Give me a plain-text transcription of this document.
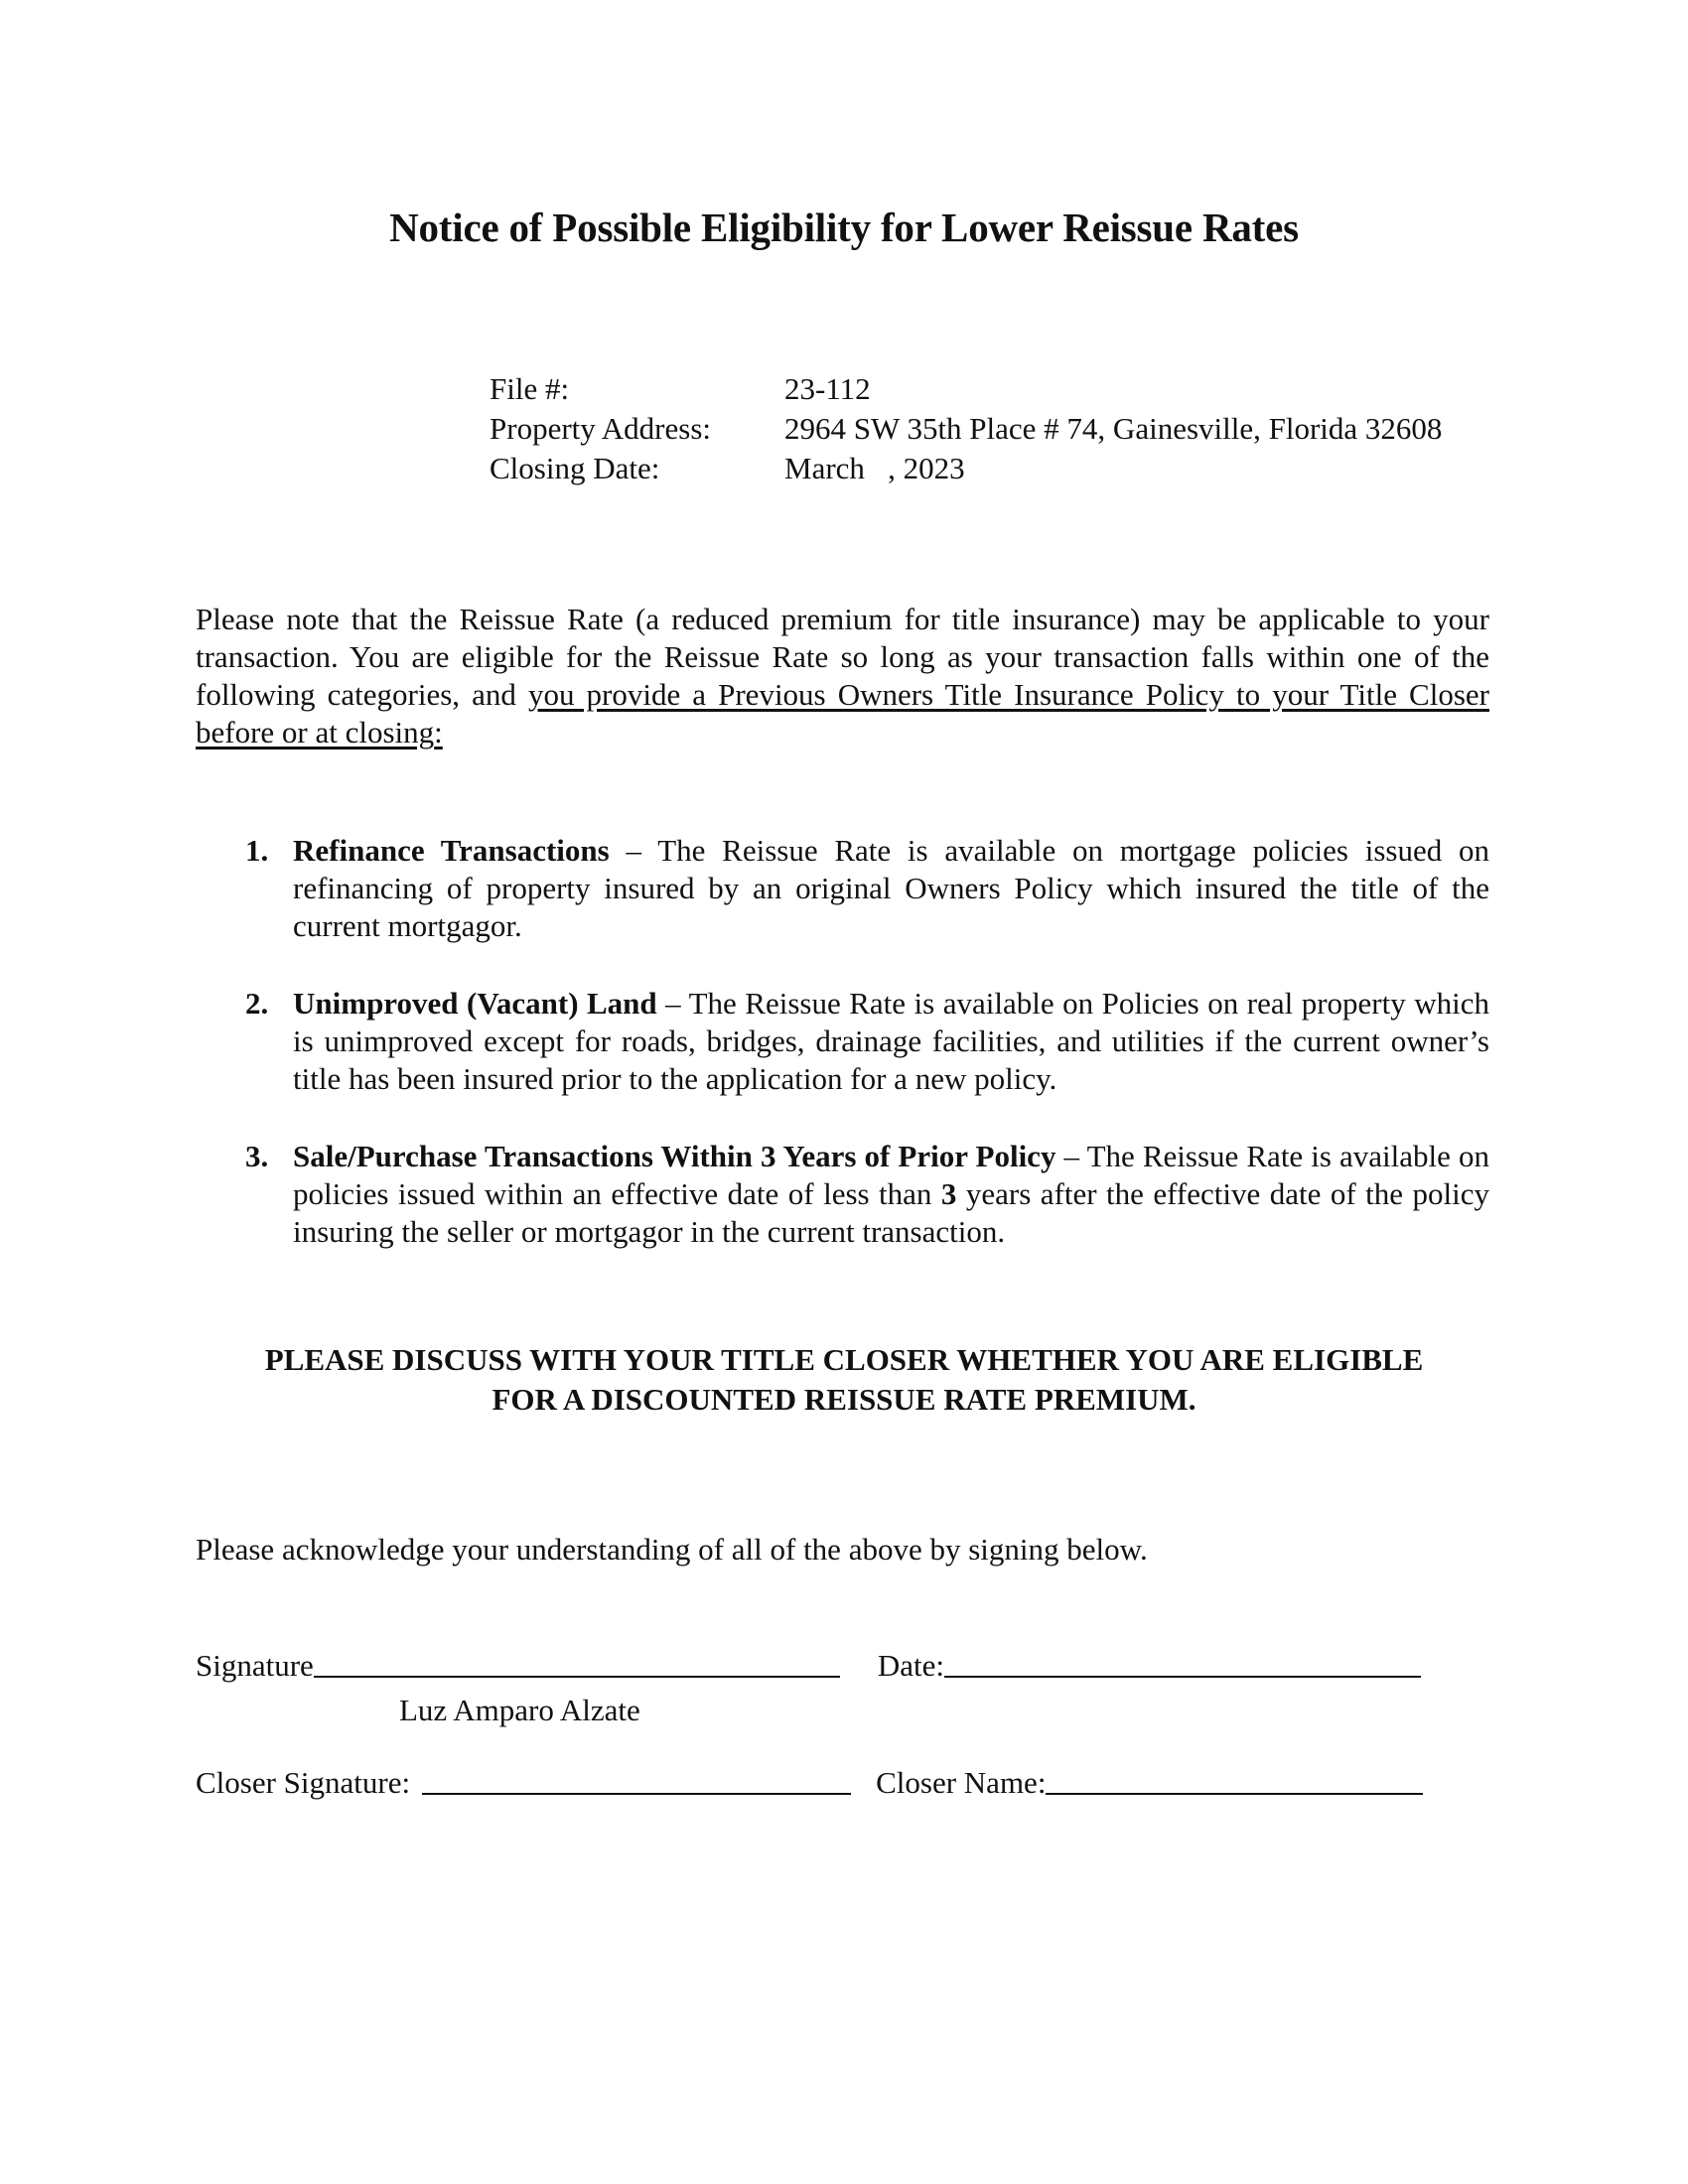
Notice of Possible Eligibility for Lower Reissue Rates
File #:	23-112
Property Address:	2964 SW 35th Place # 74, Gainesville, Florida 32608
Closing Date:	March   , 2023
Please note that the Reissue Rate (a reduced premium for title insurance) may be applicable to your transaction. You are eligible for the Reissue Rate so long as your transaction falls within one of the following categories, and you provide a Previous Owners Title Insurance Policy to your Title Closer before or at closing:
1. Refinance Transactions – The Reissue Rate is available on mortgage policies issued on refinancing of property insured by an original Owners Policy which insured the title of the current mortgagor.
2. Unimproved (Vacant) Land – The Reissue Rate is available on Policies on real property which is unimproved except for roads, bridges, drainage facilities, and utilities if the current owner’s title has been insured prior to the application for a new policy.
3. Sale/Purchase Transactions Within 3 Years of Prior Policy – The Reissue Rate is available on policies issued within an effective date of less than 3 years after the effective date of the policy insuring the seller or mortgagor in the current transaction.
PLEASE DISCUSS WITH YOUR TITLE CLOSER WHETHER YOU ARE ELIGIBLE
FOR A DISCOUNTED REISSUE RATE PREMIUM.
Please acknowledge your understanding of all of the above by signing below.
Signature	Date:
Luz Amparo Alzate
Closer Signature:	Closer Name:
